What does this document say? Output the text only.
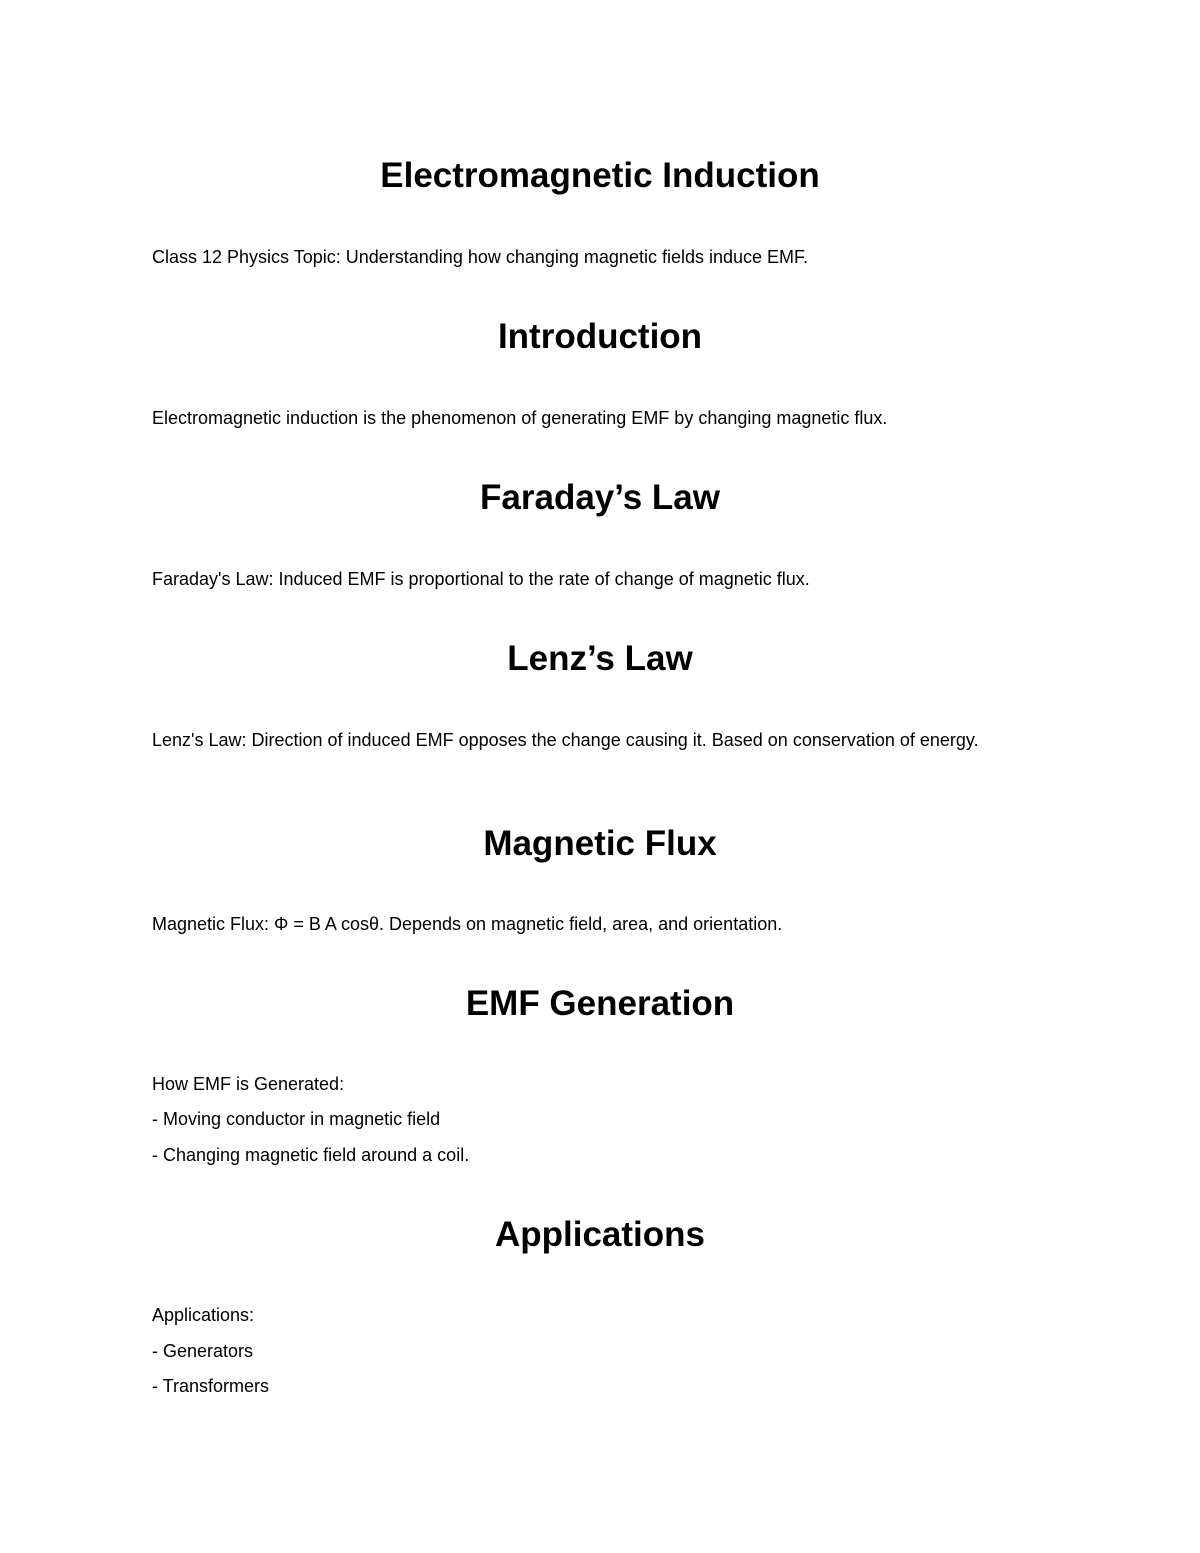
Electromagnetic Induction

Class 12 Physics Topic: Understanding how changing magnetic fields induce EMF.

Introduction

Electromagnetic induction is the phenomenon of generating EMF by changing magnetic flux.

Faraday’s Law

Faraday's Law: Induced EMF is proportional to the rate of change of magnetic flux.

Lenz’s Law

Lenz's Law: Direction of induced EMF opposes the change causing it. Based on conservation of energy.

Magnetic Flux

Magnetic Flux: Φ = B A cosθ. Depends on magnetic field, area, and orientation.

EMF Generation

How EMF is Generated:

- Moving conductor in magnetic field

- Changing magnetic field around a coil.

Applications

Applications:

- Generators

- Transformers
